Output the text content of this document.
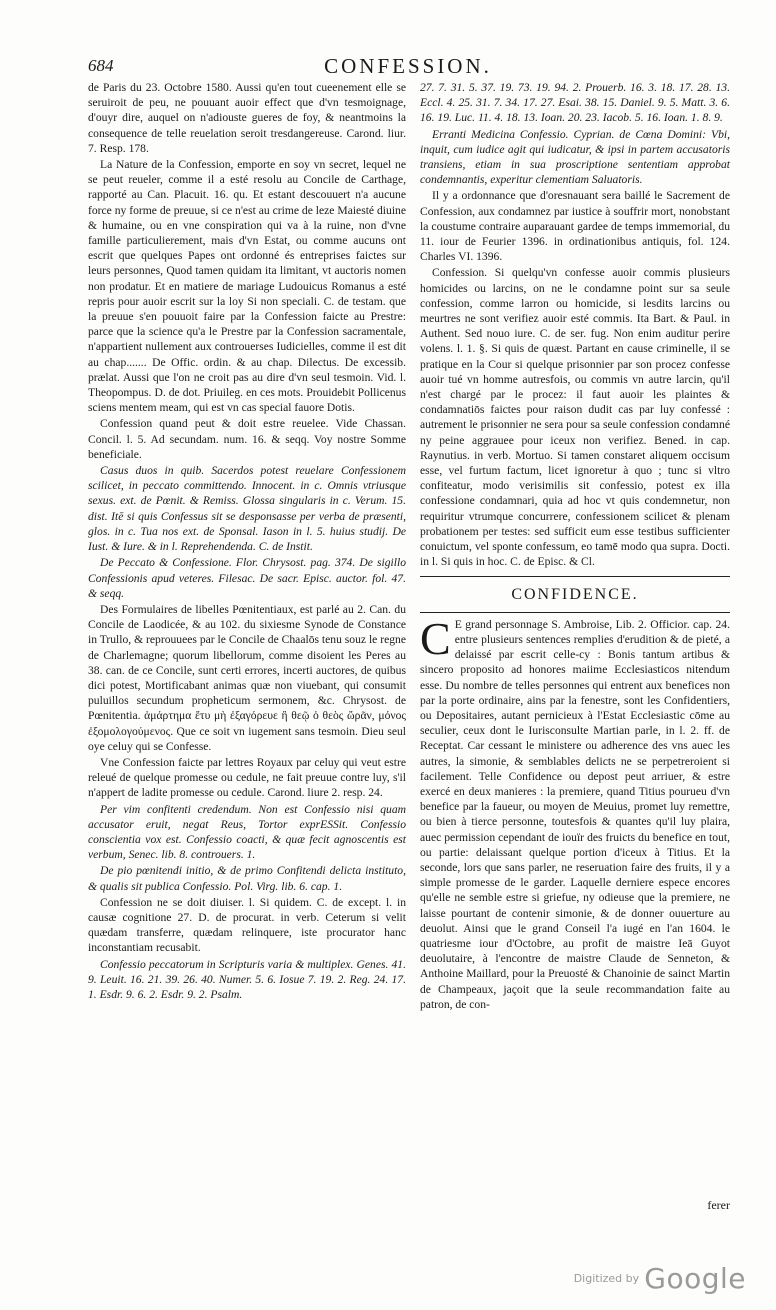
684	CONFESSION.

de Paris du 23. Octobre 1580. Aussi qu'en tout cueenement elle se seruiroit de peu, ne pouuant auoir effect que d'vn tesmoignage, d'ouyr dire, auquel on n'adiouste gueres de foy, & neantmoins la consequence de telle reuelation seroit tresdangereuse. Carond. liur. 7. Resp. 178.

La Nature de la Confession, emporte en soy vn secret, lequel ne se peut reueler, comme il a esté resolu au Concile de Carthage, rapporté au Can. Placuit. 16. qu. Et estant descouuert n'a aucune force ny forme de preuue, si ce n'est au crime de leze Maiesté diuine & humaine, ou en vne conspiration qui va à la ruine, non d'vne famille particulierement, mais d'vn Estat, ou comme aucuns ont escrit que quelques Papes ont ordonné és entreprises faictes sur leurs personnes, Quod tamen quidam ita limitant, vt auctoris nomen non prodatur. Et en matiere de mariage Ludouicus Romanus a esté repris pour auoir escrit sur la loy Si non speciali. C. de testam. que la preuue s'en pouuoit faire par la Confession faicte au Prestre: parce que la science qu'a le Prestre par la Confession sacramentale, n'appartient nullement aux controuerses Iudicielles, comme il est dit au chap....... De Offic. ordin. & au chap. Dilectus. De excessib. prælat. Aussi que l'on ne croit pas au dire d'vn seul tesmoin. Vid. l. Theopompus. D. de dot. Priuileg. en ces mots. Prouidebit Pollicenus sciens mentem meam, qui est vn cas special fauore Dotis.

Confession quand peut & doit estre reuelee. Vide Chassan. Concil. l. 5. Ad secundam. num. 16. & seqq. Voy nostre Somme beneficiale.

Casus duos in quib. Sacerdos potest reuelare Confessionem scilicet, in peccato committendo. Innocent. in c. Omnis vtriusque sexus. ext. de Pœnit. & Remiss. Glossa singularis in c. Verum. 15. dist. Itē si quis Confessus sit se desponsasse per verba de præsenti, glos. in c. Tua nos ext. de Sponsal. Iason in l. 5. huius studij. De Iust. & Iure. & in l. Reprehendenda. C. de Instit.

De Peccato & Confessione. Flor. Chrysost. pag. 374. De sigillo Confessionis apud veteres. Filesac. De sacr. Episc. auctor. fol. 47. & seqq.

Des Formulaires de libelles Pœnitentiaux, est parlé au 2. Can. du Concile de Laodicée, & au 102. du sixiesme Synode de Constance in Trullo, & reprouuees par le Concile de Chaalōs tenu souz le regne de Charlemagne; quorum libellorum, comme disoient les Peres au 38. can. de ce Concile, sunt certi errores, incerti auctores, de quibus dici potest, Mortificabant animas quæ non viuebant, qui consumit puluillos secundum propheticum sermonem, &c. Chrysost. de Pœnitentia. ἁμάρτημα ἔτυ μὴ ἐξαγόρευε ἢ θεῷ ὁ θεὸς ὥρᾶν, μόνος ἐξομολογούμενος. Que ce soit vn iugement sans tesmoin. Dieu seul oye celuy qui se Confesse.

Vne Confession faicte par lettres Royaux par celuy qui veut estre releué de quelque promesse ou cedule, ne fait preuue contre luy, s'il n'appert de ladite promesse ou cedule. Carond. liure 2. resp. 24.

Per vim confitenti credendum. Non est Confessio nisi quam accusator eruit, negat Reus, Tortor exprESSit. Confessio conscientia vox est. Confessio coacti, & quæ fecit agnoscentis est verbum, Senec. lib. 8. controuers. 1.

De pio pœnitendi initio, & de primo Confitendi delicta instituto, & qualis sit publica Confessio. Pol. Virg. lib. 6. cap. 1.

Confession ne se doit diuiser. l. Si quidem. C. de except. l. in causæ cognitione 27. D. de procurat. in verb. Ceterum si velit quædam transferre, quædam relinquere, iste procurator hanc inconstantiam recusabit.

Confessio peccatorum in Scripturis varia & multiplex. Genes. 41. 9. Leuit. 16. 21. 39. 26. 40. Numer. 5. 6. Iosue 7. 19. 2. Reg. 24. 17. 1. Esdr. 9. 6. 2. Esdr. 9. 2. Psalm.

27. 7. 31. 5. 37. 19. 73. 19. 94. 2. Prouerb. 16. 3. 18. 17. 28. 13. Eccl. 4. 25. 31. 7. 34. 17. 27. Esai. 38. 15. Daniel. 9. 5. Matt. 3. 6. 16. 19. Luc. 11. 4. 18. 13. Ioan. 20. 23. Iacob. 5. 16. Ioan. 1. 8. 9.

Erranti Medicina Confessio. Cyprian. de Cœna Domini: Vbi, inquit, cum iudice agit qui iudicatur, & ipsi in partem accusatoris transiens, etiam in sua proscriptione sententiam approbat condemnantis, experitur clementiam Saluatoris.

Il y a ordonnance que d'oresnauant sera baillé le Sacrement de Confession, aux condamnez par iustice à souffrir mort, nonobstant la coustume contraire auparauant gardee de temps immemorial, du 11. iour de Feurier 1396. in ordinationibus antiquis, fol. 124. Charles VI. 1396.

Confession. Si quelqu'vn confesse auoir commis plusieurs homicides ou larcins, on ne le condamne point sur sa seule confession, comme larron ou homicide, si lesdits larcins ou meurtres ne sont verifiez auoir esté commis. Ita Bart. & Paul. in Authent. Sed nouo iure. C. de ser. fug. Non enim auditur perire volens. l. 1. §. Si quis de quæst. Partant en cause criminelle, il se pratique en la Cour si quelque prisonnier par son procez confesse auoir tué vn homme autresfois, ou commis vn autre larcin, qu'il n'est chargé par le procez: il faut auoir les plaintes & condamnatiōs faictes pour raison dudit cas par luy confessé : autrement le prisonnier ne sera pour sa seule confession condamné ny peine aggrauee pour iceux non verifiez. Bened. in cap. Raynutius. in verb. Mortuo. Si tamen constaret aliquem occisum esse, vel furtum factum, licet ignoretur à quo ; tunc si vltro confiteatur, modo verisimilis sit confessio, potest ex illa confessione condamnari, quia ad hoc vt quis condemnetur, non requiritur vtrumque concurrere, confessionem scilicet & plenam probationem per testes: sed sufficit eum esse testibus sufficienter conuictum, vel sponte confessum, eo tamē modo qua supra. Docti. in l. Si quis in hoc. C. de Episc. & Cl.

CONFIDENCE.

C E grand personnage S. Ambroise, Lib. 2. Officior. cap. 24. entre plusieurs sentences remplies d'erudition & de pieté, a delaissé par escrit celle-cy : Bonis tantum artibus & sincero proposito ad honores maiime Ecclesiasticos nitendum esse. Du nombre de telles personnes qui entrent aux benefices non par la porte ordinaire, ains par la fenestre, sont les Confidentiers, ou Depositaires, autant pernicieux à l'Estat Ecclesiastic cōme au seculier, ceux dont le Iurisconsulte Martian parle, in l. 2. ff. de Receptat. Car cessant le ministere ou adherence des vns auec les autres, la simonie, & semblables delicts ne se perpetreroient si facilement. Telle Confidence ou depost peut arriuer, & estre exercé en deux manieres : la premiere, quand Titius pourueu d'vn benefice par la faueur, ou moyen de Meuius, promet luy remettre, ou bien à tierce personne, toutesfois & quantes qu'il luy plaira, auec permission cependant de iouïr des fruicts du benefice en tout, ou partie: delaissant quelque portion d'iceux à Titius. Et la seconde, lors que sans parler, ne reseruation faire des fruits, il y a simple promesse de le garder. Laquelle derniere espece encores qu'elle ne semble estre si griefue, ny odieuse que la premiere, ne laisse pourtant de contenir simonie, & de donner ouuerture au deuolut. Ainsi que le grand Conseil l'a iugé en l'an 1604. le quatriesme iour d'Octobre, au profit de maistre Ieā Guyot deuolutaire, à l'encontre de maistre Claude de Senneton, & Anthoine Maillard, pour la Preuosté & Chanoinie de sainct Martin de Champeaux, jaçoit que la seule recommandation faite au patron, de con-

ferer
Digitized by Google
